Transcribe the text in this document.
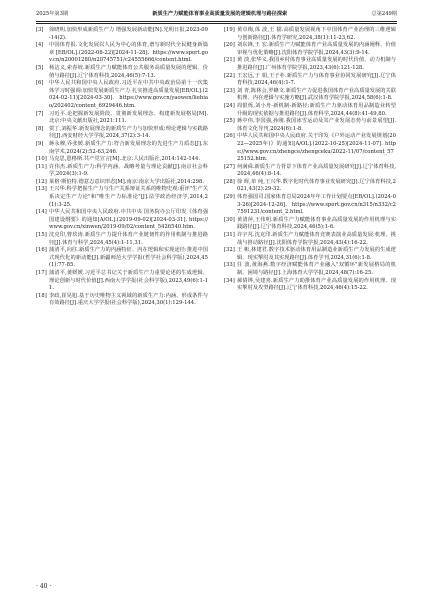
2025年第3期	新质生产力赋能体育事业高质量发展的逻辑机理与路径探索	总第249期
[3]	徐晓明.加快形成新质生产力 增强发展新动能[N].光明日报,2023-09-14(2).
[4]	中国体育报.文化发展以人民为中心的体育,谱写新时代全民健身新篇章[EB/OL].(2022-08-22)[2024-11-28]. https://www.sport.gov.cn/n20001280/n20745751/c24555666/content.html.
[5]	杨洁义,索春姣.新质生产力赋能体育公共服务高质量发展的逻辑、价值与路径[J].辽宁体育科技,2024,46(5):7-13.
[6]	中华人民共和国中央人民政府.习近平在中共中央政治局第十一次集体学习时强调:加快发展新质生产力 扎实推进高质量发展[EB/OL].(2024-02-11)[2024-03-30]. https://www.gov.cn/yaowen/liebiao/202402/content_6929446.htm.
[7]	习近平.论把握新发展阶段、贯彻新发展理念、构建新发展格局[M].北京:中央文献出版社,2021:111.
[8]	贺丁,刘振华.新发展理念的新质生产力与加快形成:理论逻辑与实践路径[J].西安财经大学学报,2024,37(2):3-14.
[9]	蒋永穆,乔张媛.新质生产力:符合新发展理念的先进生产力质态[J].东南学术,2024(2):52-63,246.
[10] 马克思,恩格斯.共产党宣言[M].北京:人民出版社,2014:142-144.
[11] 许伟杰.新质生产力:科学内涵、战略考量与理论贡献[J].南京社会科学,2024(3):1-9.
[12] 莱格·斯伯特.德意志意识形态[M].南京:南京大学出版社,2014:298.
[13] 王兴华.科学把握生产力与生产关系辩证关系的唯物史观:重评"生产关系决定生产力论"和"唯生产力标准论"[J].法学政治经济学,2014,2(1):3-25.
[14] 中华人民共和国中央人民政府.中共中央 国务院办公厅印发《体育强国建设纲要》的通知[A/OL].(2019-09-02)[2024-03-31]. https://www.gov.cn/xinwen/2019-09/02/content_5426540.htm.
[15] 沈克印,曹玖涛.新质生产力提升体育产业链韧性的作用机制与推进路径[J].体育与科学,2024,45(4):1-11,31.
[16] 蒲清平,向往.新质生产力的内涵特征、内在逻辑和实现途径:推进中国式现代化的新动能[J].新疆师范大学学报(哲学社会科学版),2024,45(1):77-85.
[17] 蒲清平,黄媛媛.习近平总书记关于新质生产力重要论述的生成逻辑、理论创新与时代价值[J].西南大学学报(社会科学版),2023,49(6):1-11.
[18] 李政,崔晃旭.基于历史唯物主义视域的新质生产力:内涵、形成条件与有效路径[J].重庆大学学报(社会科学版),2024,30(1):129-144.
[19] 黄卓梅,体 波,王 猫.高质量发展视角下中国体育产业治理的三维逻辑与创新路径[J].体育学研究,2024,38(1):11-23,62.
[20] 刘东锋,王 宏.新质生产力赋能体育产业高质量发展的内涵阐释、价值审视与优化策略[J].沈阳体育学院学报,2024,43(3):9-14.
[21] 黄 淡,张华义.我国乡村体育事业高质量发展的时代价值、动力机制与推进路径[J].广州体育学院学报,2023,43(6):121-128.
[22] 王宏远,于 娟,王子朴.新质生产力与体育事业协同发展研究[J].辽宁体育科技,2024,46(4):1-7.
[23] 刘 青,陈林会,罗蜂文.新质生产力促进我国体育产业高质量发展的关联机理、内在逻辑与实施方略[J].武汉体育学院学报,2024,58(6):1-8.
[24] 周银烁,刘小舟-新机制-新路径:新质生产力驱动体育用品制造业转型升级的现实依据与推进路径[J].体育科学,2024,44(8):41-49,80.
[25] 蒋中伟,李国强,孙刚.我国冰雪运动及其产业发展态势与前景展望[J].体育文化导刊,2024(6):1-8.
[26] 中华人民共和国中央人民政府.关于印发《户外运动产业发展规划(2022—2025年)》的通知[A/OL].(2022-10-25)[2024-11-07]. https://www.gov.cn/zhengce/zhengceku/2022-11/07/content_5725152.htm.
[27] 何满舜.新质生产力背景下体育产业高质量发展研究[J].辽宁体育科技,2024,46(4):8-14.
[28] 徐 晖,单 纯,王兴华.数字化时代体育事业发展研究[J].辽宁体育科技,2021,43(2):29-32.
[29] 体育强国司.国家体育总局2024年年工作计划要点[EB/OL].(2024-03-26)[2024-12-26]. https://www.sport.gov.cn/n315/n332/c27591231/content_2.html.
[30] 黄清萍,王伟明.新质生产力赋能体育事业高质量发展的作用机理与实践路径[J].辽宁体育科技,2024,46(5):1-6.
[31] 许宇芃.沈克印.新质生产力赋能体育竞赛表演业高质量发展:机理、挑战与推动路径[J].沈阳体育学院学报,2024,43(4):16-22.
[32] 王 彬,林建君.数字技术驱动体育用品制造业新质生产力发展的生成逻辑、现实掣肘及其实现路径[J].体育学刊,2024,31(6):1-8.
[33] 任 波,黄海燕.数字经济赋能体育产业融入"双循环"新发展格局的机制、困境与路径[J].上海体育大学学报,2024,48(7):16-25.
[34] 郝倩铧,吴建喜.新质生产力助推体育产业高质量发展的作用机理、现实掣肘及攻坚路径[J].辽宁体育科技,2024,46(4):15-22.
· 40 ·
